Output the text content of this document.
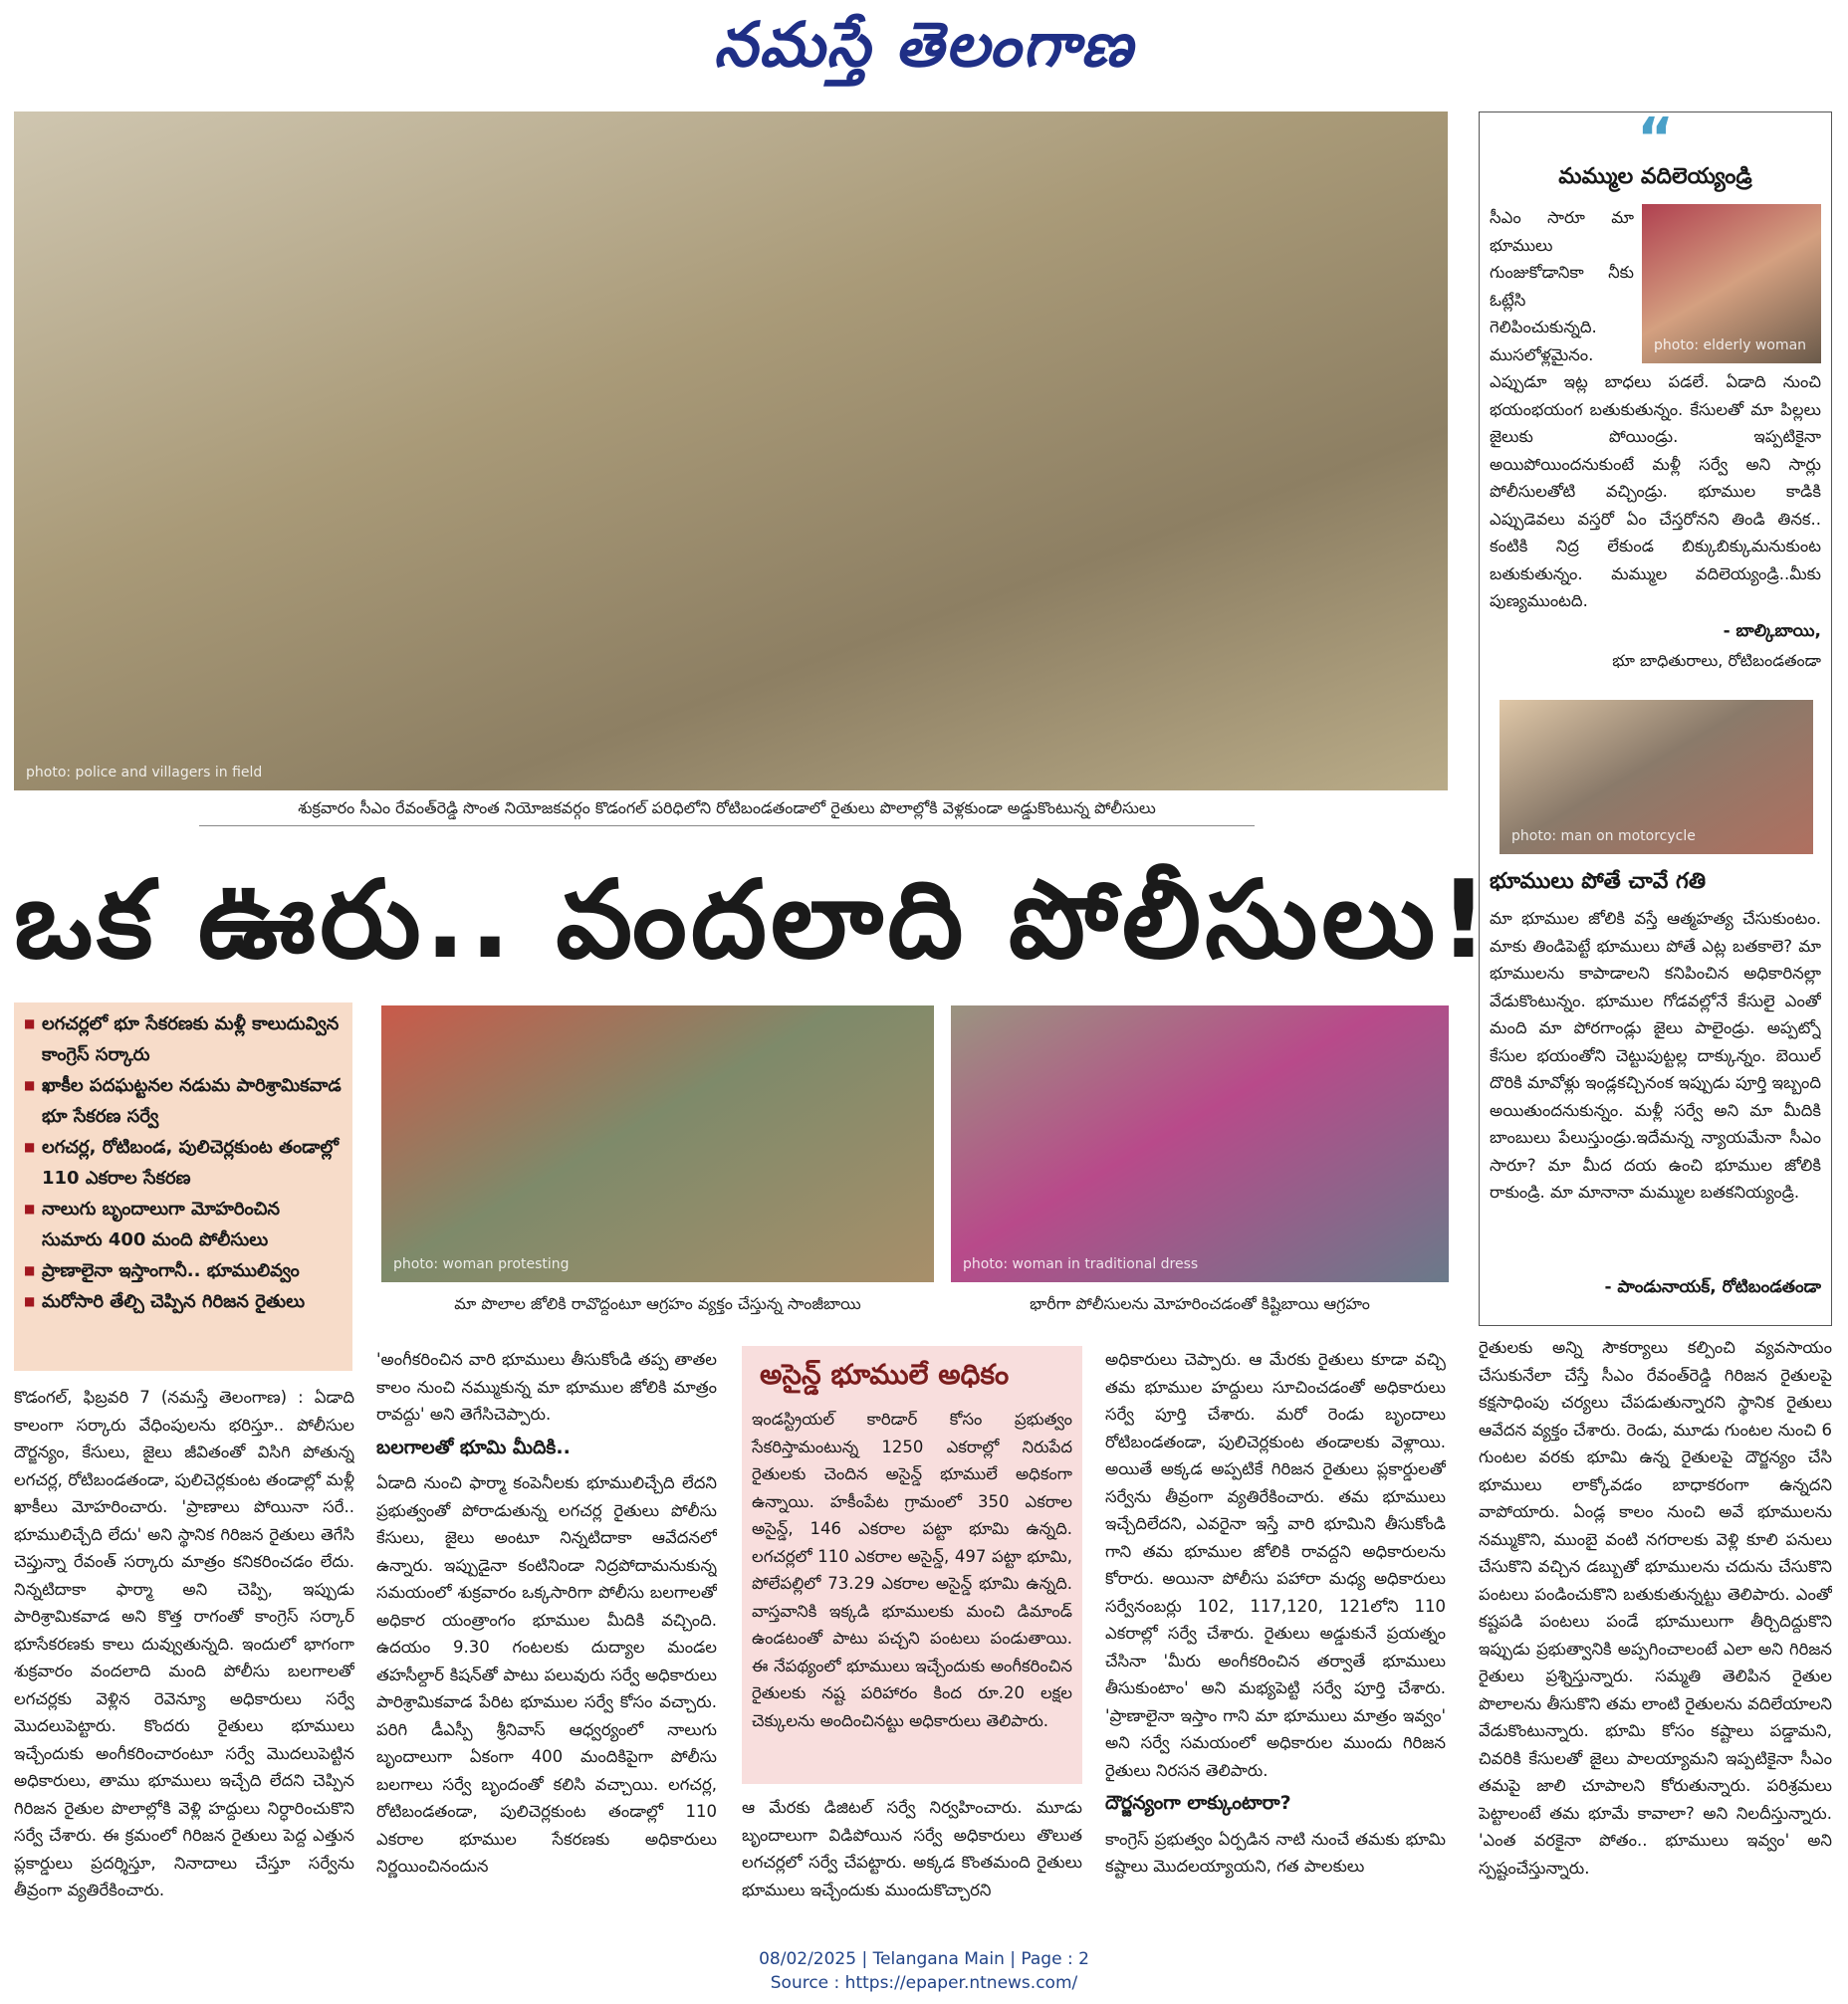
నమస్తే తెలంగాణ
photo: police and villagers in field
శుక్రవారం సీఎం రేవంత్‌రెడ్డి సొంత నియోజకవర్గం కొడంగల్ పరిధిలోని రోటిబండతండాలో రైతులు పొలాల్లోకి వెళ్లకుండా అడ్డుకొంటున్న పోలీసులు
ఒక ఊరు.. వందలాది పోలీసులు!
■ లగచర్లలో భూ సేకరణకు మళ్లీ కాలుదువ్విన కాంగ్రెస్ సర్కారు
■ ఖాకీల పదఘట్టనల నడుమ పారిశ్రామికవాడ భూ సేకరణ సర్వే
■ లగచర్ల, రోటిబండ, పులిచెర్లకుంట తండాల్లో 110 ఎకరాల సేకరణ
■ నాలుగు బృందాలుగా మోహరించిన సుమారు 400 మంది పోలీసులు
■ ప్రాణాలైనా ఇస్తాంగానీ.. భూములివ్వం
■ మరోసారి తేల్చి చెప్పిన గిరిజన రైతులు
photo: woman protesting
మా పొలాల జోలికి రావొద్దంటూ ఆగ్రహం వ్యక్తం చేస్తున్న సాంజీబాయి
photo: woman in traditional dress
భారీగా పోలీసులను మోహరించడంతో కిష్టిబాయి ఆగ్రహం

కొడంగల్, ఫిబ్రవరి 7 (నమస్తే తెలంగాణ) : ఏడాది కాలంగా సర్కారు వేధింపులను భరిస్తూ.. పోలీసుల దౌర్జన్యం, కేసులు, జైలు జీవితంతో విసిగి పోతున్న లగచర్ల, రోటిబండతండా, పులిచెర్లకుంట తండాల్లో మళ్లీ ఖాకీలు మోహరించారు. 'ప్రాణాలు పోయినా సరే.. భూములిచ్చేది లేదు' అని స్థానిక గిరిజన రైతులు తెగేసి చెప్తున్నా రేవంత్ సర్కారు మాత్రం కనికరించడం లేదు. నిన్నటిదాకా ఫార్మా అని చెప్పి, ఇప్పుడు పారిశ్రామికవాడ అని కొత్త రాగంతో కాంగ్రెస్ సర్కార్ భూసేకరణకు కాలు దువ్వుతున్నది. ఇందులో భాగంగా శుక్రవారం వందలాది మంది పోలీసు బలగాలతో లగచర్లకు వెళ్లిన రెవెన్యూ అధికారులు సర్వే మొదలుపెట్టారు. కొందరు రైతులు భూములు ఇచ్చేందుకు అంగీకరించారంటూ సర్వే మొదలుపెట్టిన అధికారులు, తాము భూములు ఇచ్చేది లేదని చెప్పిన గిరిజన రైతుల పొలాల్లోకి వెళ్లి హద్దులు నిర్ధారించుకొని సర్వే చేశారు. ఈ క్రమంలో గిరిజన రైతులు పెద్ద ఎత్తున ప్లకార్డులు ప్రదర్శిస్తూ, నినాదాలు చేస్తూ సర్వేను తీవ్రంగా వ్యతిరేకించారు.

'అంగీకరించిన వారి భూములు తీసుకోండి తప్ప తాతల కాలం నుంచి నమ్ముకున్న మా భూముల జోలికి మాత్రం రావద్దు' అని తెగేసిచెప్పారు.

బలగాలతో భూమి మీదికి..

ఏడాది నుంచి ఫార్మా కంపెనీలకు భూములిచ్చేది లేదని ప్రభుత్వంతో పోరాడుతున్న లగచర్ల రైతులు పోలీసు కేసులు, జైలు అంటూ నిన్నటిదాకా ఆవేదనలో ఉన్నారు. ఇప్పుడైనా కంటినిండా నిద్రపోదామనుకున్న సమయంలో శుక్రవారం ఒక్కసారిగా పోలీసు బలగాలతో అధికార యంత్రాంగం భూముల మీదికి వచ్చింది. ఉదయం 9.30 గంటలకు దుద్యాల మండల తహసీల్దార్ కిషన్‌తో పాటు పలువురు సర్వే అధికారులు పారిశ్రామికవాడ పేరిట భూముల సర్వే కోసం వచ్చారు. పరిగి డీఎస్పీ శ్రీనివాస్ ఆధ్వర్యంలో నాలుగు బృందాలుగా ఏకంగా 400 మందికిపైగా పోలీసు బలగాలు సర్వే బృందంతో కలిసి వచ్చాయి. లగచర్ల, రోటిబండతండా, పులిచెర్లకుంట తండాల్లో 110 ఎకరాల భూముల సేకరణకు అధికారులు నిర్ణయించినందున

అసైన్డ్ భూములే అధికం
ఇండస్ట్రియల్ కారిడార్ కోసం ప్రభుత్వం సేకరిస్తామంటున్న 1250 ఎకరాల్లో నిరుపేద రైతులకు చెందిన అసైన్డ్ భూములే అధికంగా ఉన్నాయి. హకీంపేట గ్రామంలో 350 ఎకరాల అసైన్డ్, 146 ఎకరాల పట్టా భూమి ఉన్నది. లగచర్లలో 110 ఎకరాల అసైన్డ్, 497 పట్టా భూమి, పోలేపల్లిలో 73.29 ఎకరాల అసైన్డ్ భూమి ఉన్నది. వాస్తవానికి ఇక్కడి భూములకు మంచి డిమాండ్ ఉండటంతో పాటు పచ్చని పంటలు పండుతాయి. ఈ నేపథ్యంలో భూములు ఇచ్చేందుకు అంగీకరించిన రైతులకు నష్ట పరిహారం కింద రూ.20 లక్షల చెక్కులను అందించినట్టు అధికారులు తెలిపారు.

ఆ మేరకు డిజిటల్ సర్వే నిర్వహించారు. మూడు బృందాలుగా విడిపోయిన సర్వే అధికారులు తొలుత లగచర్లలో సర్వే చేపట్టారు. అక్కడ కొంతమంది రైతులు భూములు ఇచ్చేందుకు ముందుకొచ్చారని

అధికారులు చెప్పారు. ఆ మేరకు రైతులు కూడా వచ్చి తమ భూముల హద్దులు సూచించడంతో అధికారులు సర్వే పూర్తి చేశారు. మరో రెండు బృందాలు రోటిబండతండా, పులిచెర్లకుంట తండాలకు వెళ్లాయి. అయితే అక్కడ అప్పటికే గిరిజన రైతులు ప్లకార్డులతో సర్వేను తీవ్రంగా వ్యతిరేకించారు. తమ భూములు ఇచ్చేదిలేదని, ఎవరైనా ఇస్తే వారి భూమిని తీసుకోండి గాని తమ భూముల జోలికి రావద్దని అధికారులను కోరారు. అయినా పోలీసు పహారా మధ్య అధికారులు సర్వేనంబర్లు 102, 117,120, 121లోని 110 ఎకరాల్లో సర్వే చేశారు. రైతులు అడ్డుకునే ప్రయత్నం చేసినా 'మీరు అంగీకరించిన తర్వాతే భూములు తీసుకుంటాం' అని మభ్యపెట్టి సర్వే పూర్తి చేశారు. 'ప్రాణాలైనా ఇస్తాం గాని మా భూములు మాత్రం ఇవ్వం' అని సర్వే సమయంలో అధికారుల ముందు గిరిజన రైతులు నిరసన తెలిపారు.

దౌర్జన్యంగా లాక్కుంటారా?

కాంగ్రెస్ ప్రభుత్వం ఏర్పడిన నాటి నుంచే తమకు భూమి కష్టాలు మొదలయ్యాయని, గత పాలకులు

“
మమ్ముల వదిలెయ్యండ్రి
photo: elderly woman
సీఎం సారూ మా భూములు గుంజుకోడానికా నీకు ఓట్లేసి గెలిపించుకున్నది. ముసలోళ్లమైనం.
ఎప్పుడూ ఇట్ల బాధలు పడలే. ఏడాది నుంచి భయంభయంగ బతుకుతున్నం. కేసులతో మా పిల్లలు జైలుకు పోయిండ్రు. ఇప్పటికైనా అయిపోయిందనుకుంటే మళ్లీ సర్వే అని సార్లు పోలీసులతోటి వచ్చిండ్రు. భూముల కాడికి ఎప్పుడెవలు వస్తరో ఏం చేస్తరోనని తిండి తినక.. కంటికి నిద్ర లేకుండ బిక్కుబిక్కుమనుకుంట బతుకుతున్నం. మమ్ముల వదిలెయ్యండ్రి..మీకు పుణ్యముంటది.
- బాల్కిబాయి,
భూ బాధితురాలు, రోటిబండతండా
photo: man on motorcycle
భూములు పోతే చావే గతి
మా భూముల జోలికి వస్తే ఆత్మహత్య చేసుకుంటం. మాకు తిండిపెట్టే భూములు పోతే ఎట్ల బతకాలె? మా భూములను కాపాడాలని కనిపించిన అధికారినల్లా వేడుకొంటున్నం. భూముల గోడవల్లోనే కేసులై ఎంతో మంది మా పోరగాండ్లు జైలు పాలైండ్రు. అప్పట్నో కేసుల భయంతోని చెట్టుపుట్టల్ల దాక్కున్నం. బెయిల్ దొరికి మావోళ్లు ఇండ్లకచ్చినంక ఇప్పుడు పూర్తి ఇబ్బంది అయితుందనుకున్నం. మళ్లీ సర్వే అని మా మీదికి బాంబులు పేలుస్తుండ్రు.ఇదేమన్న న్యాయమేనా సీఎం సారూ? మా మీద దయ ఉంచి భూముల జోలికి రాకుండ్రి. మా మానానా మమ్ముల బతకనియ్యండ్రి.
- పాండునాయక్, రోటిబండతండా

రైతులకు అన్ని సౌకర్యాలు కల్పించి వ్యవసాయం చేసుకునేలా చేస్తే సీఎం రేవంత్‌రెడ్డి గిరిజన రైతులపై కక్షసాధింపు చర్యలు చేపడుతున్నారని స్థానిక రైతులు ఆవేదన వ్యక్తం చేశారు. రెండు, మూడు గుంటల నుంచి 6 గుంటల వరకు భూమి ఉన్న రైతులపై దౌర్జన్యం చేసి భూములు లాక్కోవడం బాధాకరంగా ఉన్నదని వాపోయారు. ఏండ్ల కాలం నుంచి అవే భూములను నమ్ముకొని, ముంబై వంటి నగరాలకు వెళ్లి కూలి పనులు చేసుకొని వచ్చిన డబ్బుతో భూములను చదును చేసుకొని పంటలు పండించుకొని బతుకుతున్నట్టు తెలిపారు. ఎంతో కష్టపడి పంటలు పండే భూములుగా తీర్చిదిద్దుకొని ఇప్పుడు ప్రభుత్వానికి అప్పగించాలంటే ఎలా అని గిరిజన రైతులు ప్రశ్నిస్తున్నారు. సమ్మతి తెలిపిన రైతుల పొలాలను తీసుకొని తమ లాంటి రైతులను వదిలేయాలని వేడుకొంటున్నారు. భూమి కోసం కష్టాలు పడ్డామని, చివరికి కేసులతో జైలు పాలయ్యామని ఇప్పటికైనా సీఎం తమపై జాలి చూపాలని కోరుతున్నారు. పరిశ్రమలు పెట్టాలంటే తమ భూమే కావాలా? అని నిలదీస్తున్నారు. 'ఎంత వరకైనా పోతం.. భూములు ఇవ్వం' అని స్పష్టంచేస్తున్నారు.

08/02/2025 | Telangana Main | Page : 2
Source : https://epaper.ntnews.com/
